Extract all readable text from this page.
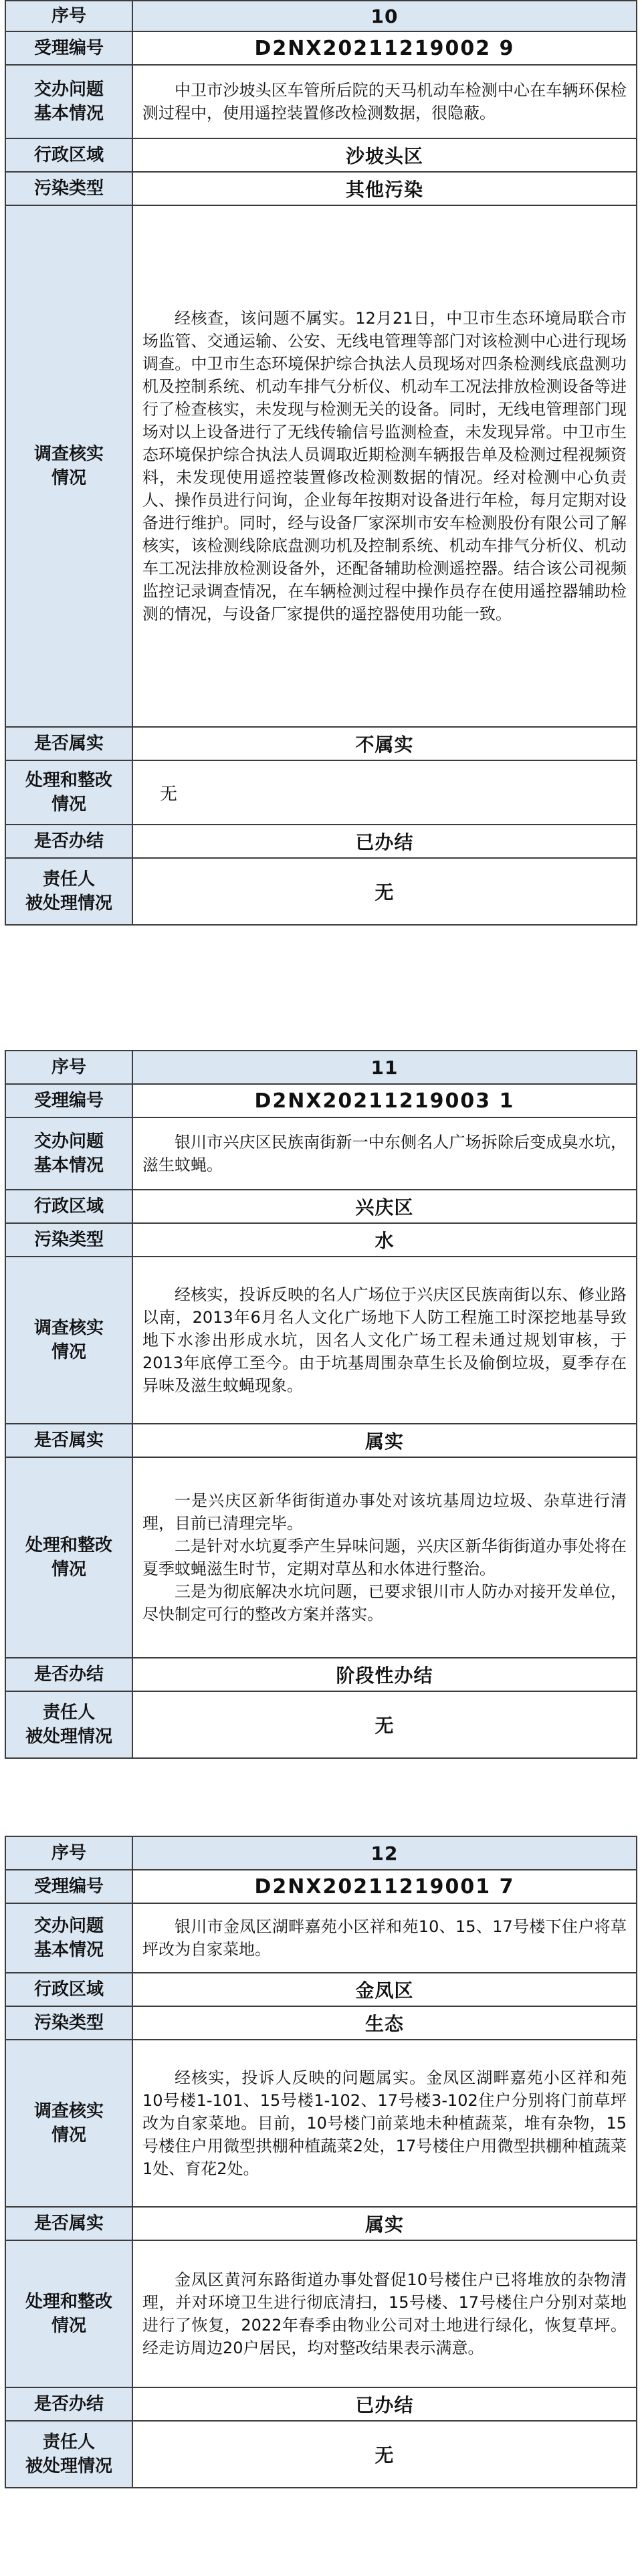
序号	10
受理编号	D2NX20211219002 9
交办问题
基本情况	中卫市沙坡头区车管所后院的天马机动车检测中心在车辆环保检测过程中，使用遥控装置修改检测数据，很隐蔽。

行政区域	沙坡头区
污染类型	其他污染
调查核实
情况	经核查，该问题不属实。12月21日，中卫市生态环境局联合市场监管、交通运输、公安、无线电管理等部门对该检测中心进行现场调查。中卫市生态环境保护综合执法人员现场对四条检测线底盘测功机及控制系统、机动车排气分析仪、机动车工况法排放检测设备等进行了检查核实，未发现与检测无关的设备。同时，无线电管理部门现场对以上设备进行了无线传输信号监测检查，未发现异常。中卫市生态环境保护综合执法人员调取近期检测车辆报告单及检测过程视频资料，未发现使用遥控装置修改检测数据的情况。经对检测中心负责人、操作员进行问询，企业每年按期对设备进行年检，每月定期对设备进行维护。同时，经与设备厂家深圳市安车检测股份有限公司了解核实，该检测线除底盘测功机及控制系统、机动车排气分析仪、机动车工况法排放检测设备外，还配备辅助检测遥控器。结合该公司视频监控记录调查情况，在车辆检测过程中操作员存在使用遥控器辅助检测的情况，与设备厂家提供的遥控器使用功能一致。

是否属实	不属实
处理和整改
情况	无
是否办结	已办结
责任人
被处理情况	无
序号	11
受理编号	D2NX20211219003 1
交办问题
基本情况	银川市兴庆区民族南街新一中东侧名人广场拆除后变成臭水坑，滋生蚊蝇。

行政区域	兴庆区
污染类型	水
调查核实
情况	经核实，投诉反映的名人广场位于兴庆区民族南街以东、修业路以南，2013年6月名人文化广场地下人防工程施工时深挖地基导致地下水渗出形成水坑，因名人文化广场工程未通过规划审核，于2013年底停工至今。由于坑基周围杂草生长及偷倒垃圾，夏季存在异味及滋生蚊蝇现象。

是否属实	属实
处理和整改
情况	一是兴庆区新华街街道办事处对该坑基周边垃圾、杂草进行清理，目前已清理完毕。
二是针对水坑夏季产生异味问题，兴庆区新华街街道办事处将在夏季蚊蝇滋生时节，定期对草丛和水体进行整治。
三是为彻底解决水坑问题，已要求银川市人防办对接开发单位，尽快制定可行的整改方案并落实。

是否办结	阶段性办结
责任人
被处理情况	无
序号	12
受理编号	D2NX20211219001 7
交办问题
基本情况	银川市金凤区湖畔嘉苑小区祥和苑10、15、17号楼下住户将草坪改为自家菜地。

行政区域	金凤区
污染类型	生态
调查核实
情况	经核实，投诉人反映的问题属实。金凤区湖畔嘉苑小区祥和苑10号楼1-101、15号楼1-102、17号楼3-102住户分别将门前草坪改为自家菜地。目前，10号楼门前菜地未种植蔬菜，堆有杂物，15号楼住户用微型拱棚种植蔬菜2处，17号楼住户用微型拱棚种植蔬菜1处、育花2处。

是否属实	属实
处理和整改
情况	金凤区黄河东路街道办事处督促10号楼住户已将堆放的杂物清理，并对环境卫生进行彻底清扫，15号楼、17号楼住户分别对菜地进行了恢复，2022年春季由物业公司对土地进行绿化，恢复草坪。经走访周边20户居民，均对整改结果表示满意。

是否办结	已办结
责任人
被处理情况	无
